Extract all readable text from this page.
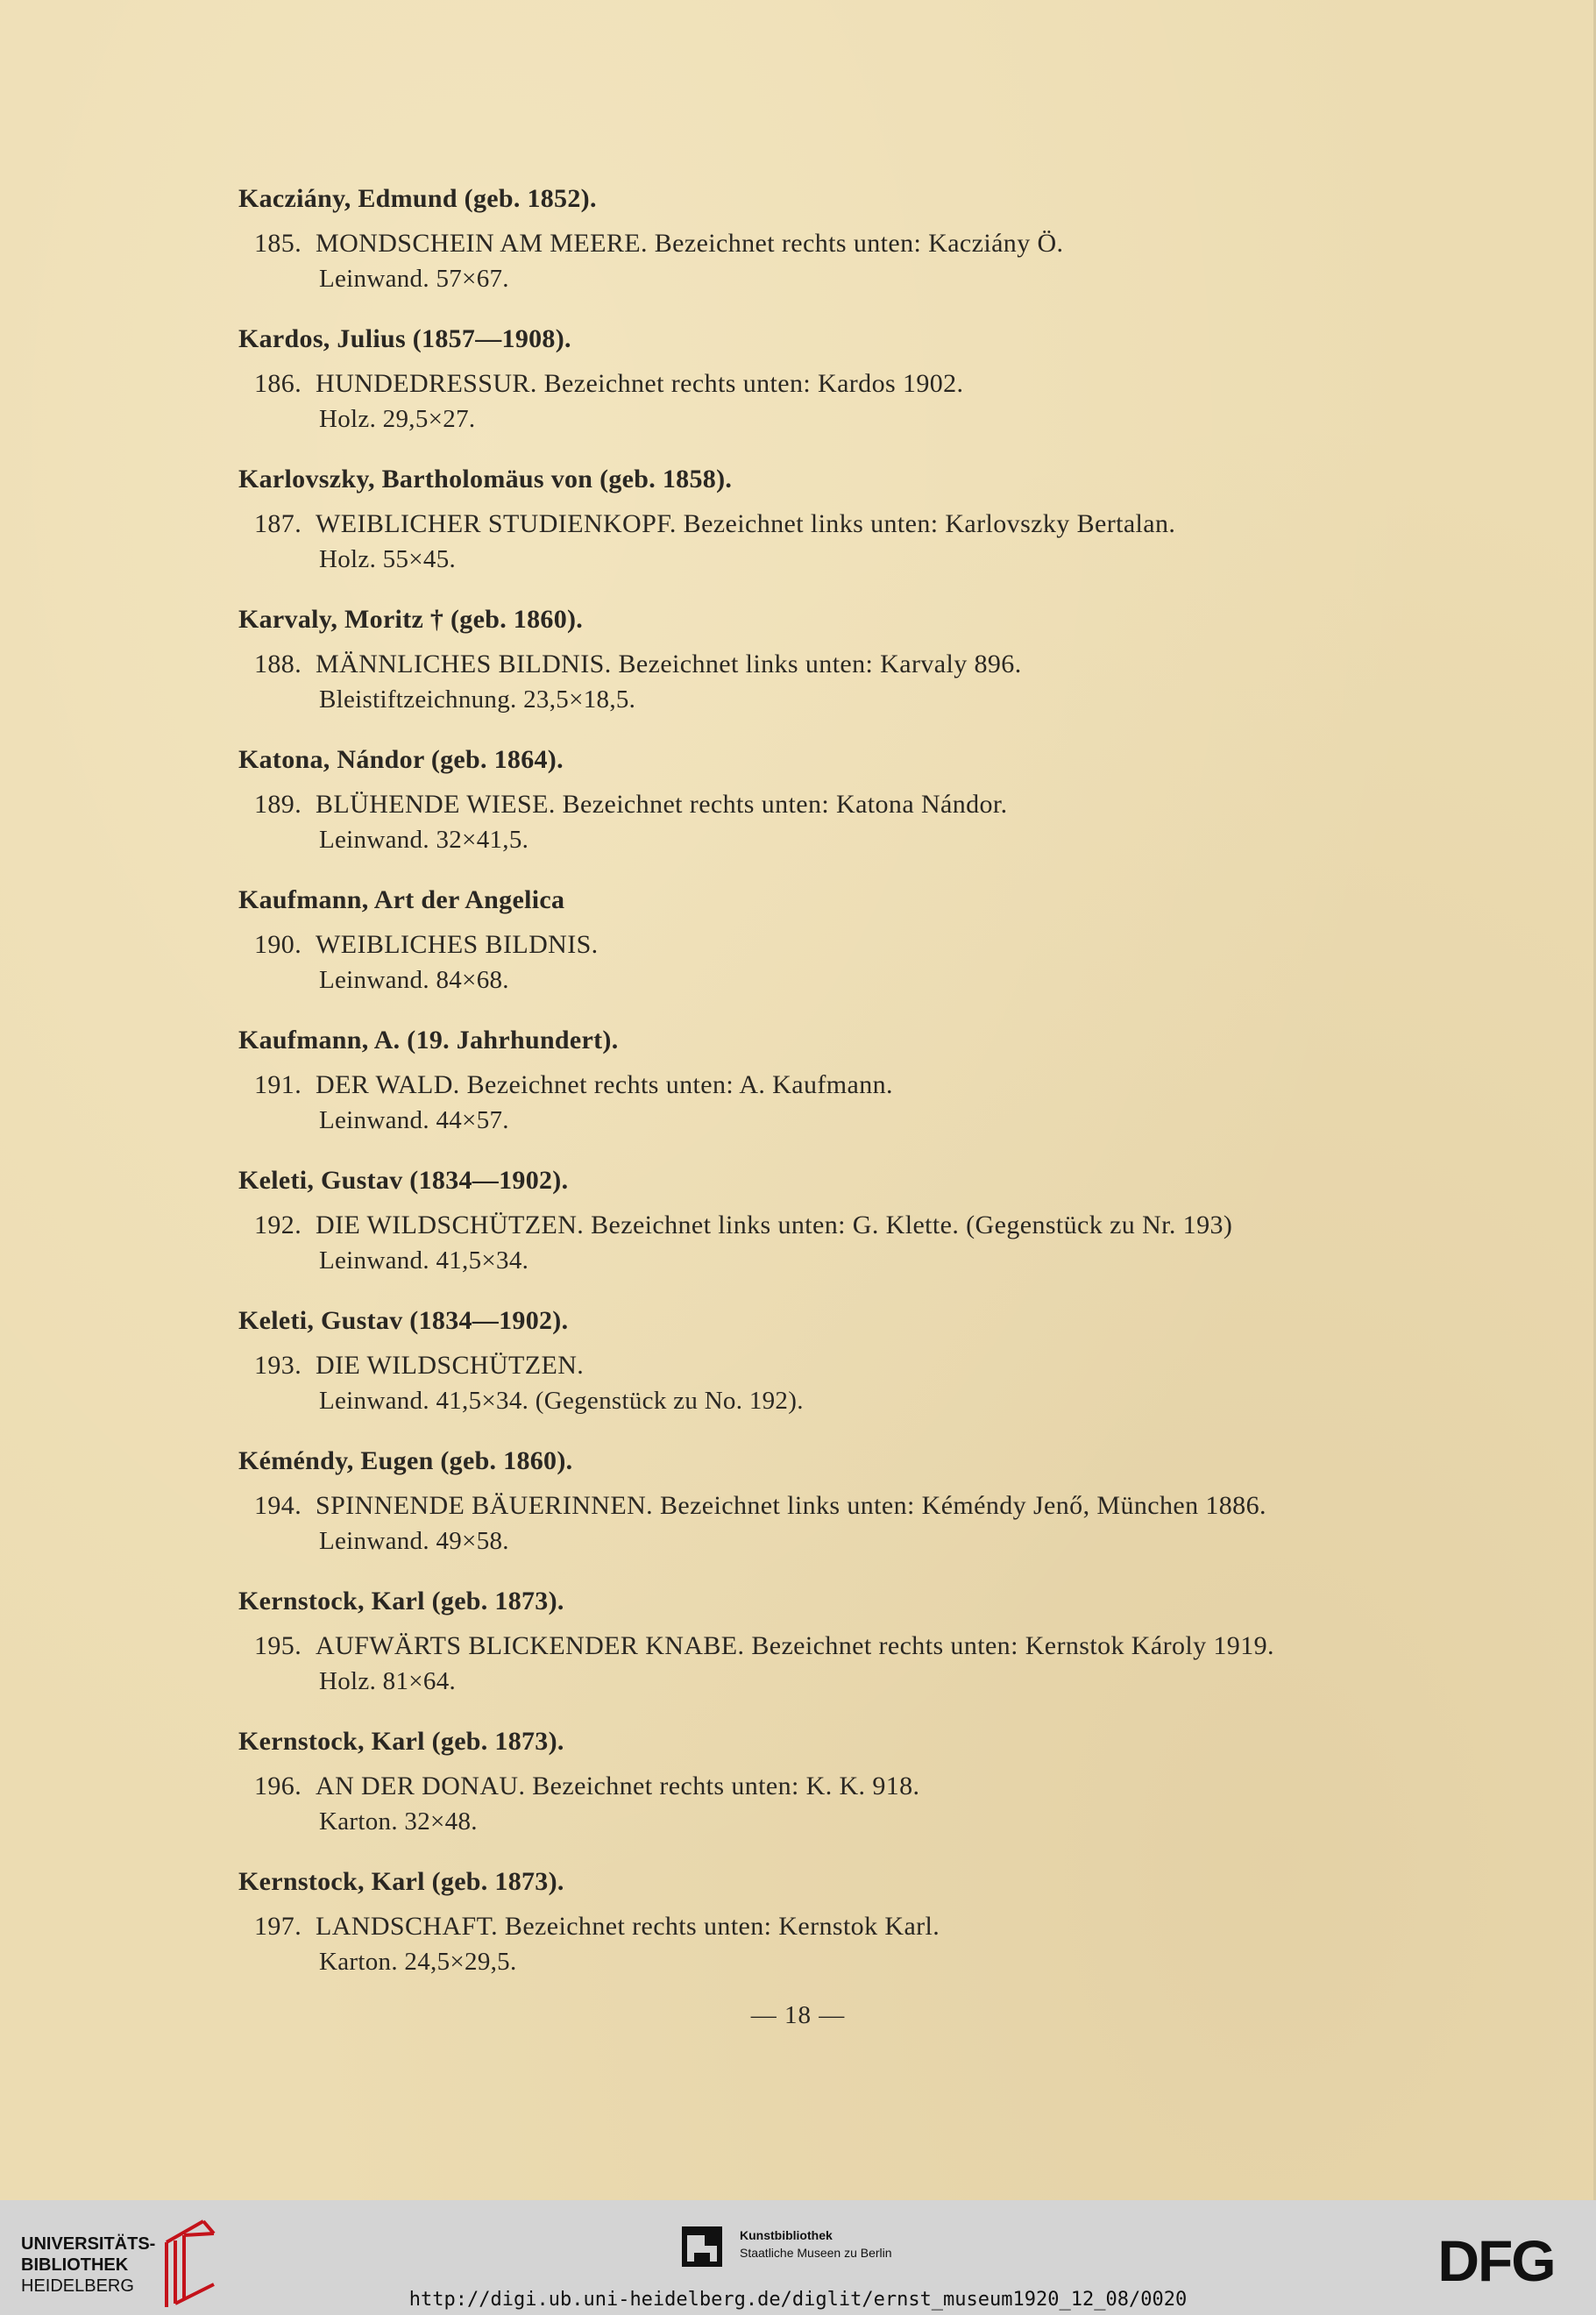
Kacziány, Edmund (geb. 1852).
185. MONDSCHEIN AM MEERE. Bezeichnet rechts unten: Kacziány Ö.
Leinwand. 57×67.
Kardos, Julius (1857—1908).
186. HUNDEDRESSUR. Bezeichnet rechts unten: Kardos 1902.
Holz. 29,5×27.
Karlovszky, Bartholomäus von (geb. 1858).
187. WEIBLICHER STUDIENKOPF. Bezeichnet links unten: Karlovszky Bertalan.
Holz. 55×45.
Karvaly, Moritz † (geb. 1860).
188. MÄNNLICHES BILDNIS. Bezeichnet links unten: Karvaly 896.
Bleistiftzeichnung. 23,5×18,5.
Katona, Nándor (geb. 1864).
189. BLÜHENDE WIESE. Bezeichnet rechts unten: Katona Nándor.
Leinwand. 32×41,5.
Kaufmann, Art der Angelica
190. WEIBLICHES BILDNIS.
Leinwand. 84×68.
Kaufmann, A. (19. Jahrhundert).
191. DER WALD. Bezeichnet rechts unten: A. Kaufmann.
Leinwand. 44×57.
Keleti, Gustav (1834—1902).
192. DIE WILDSCHÜTZEN. Bezeichnet links unten: G. Klette. (Gegenstück zu Nr. 193)
Leinwand. 41,5×34.
Keleti, Gustav (1834—1902).
193. DIE WILDSCHÜTZEN.
Leinwand. 41,5×34. (Gegenstück zu No. 192).
Kéméndy, Eugen (geb. 1860).
194. SPINNENDE BÄUERINNEN. Bezeichnet links unten: Kéméndy Jenő, München 1886.
Leinwand. 49×58.
Kernstock, Karl (geb. 1873).
195. AUFWÄRTS BLICKENDER KNABE. Bezeichnet rechts unten: Kernstok Károly 1919.
Holz. 81×64.
Kernstock, Karl (geb. 1873).
196. AN DER DONAU. Bezeichnet rechts unten: K. K. 918.
Karton. 32×48.
Kernstock, Karl (geb. 1873).
197. LANDSCHAFT. Bezeichnet rechts unten: Kernstok Karl.
Karton. 24,5×29,5.
— 18 —
UNIVERSITÄTS-
BIBLIOTHEK
HEIDELBERG
Kunstbibliothek
Staatliche Museen zu Berlin	DFG
http://digi.ub.uni-heidelberg.de/diglit/ernst_museum1920_12_08/0020
